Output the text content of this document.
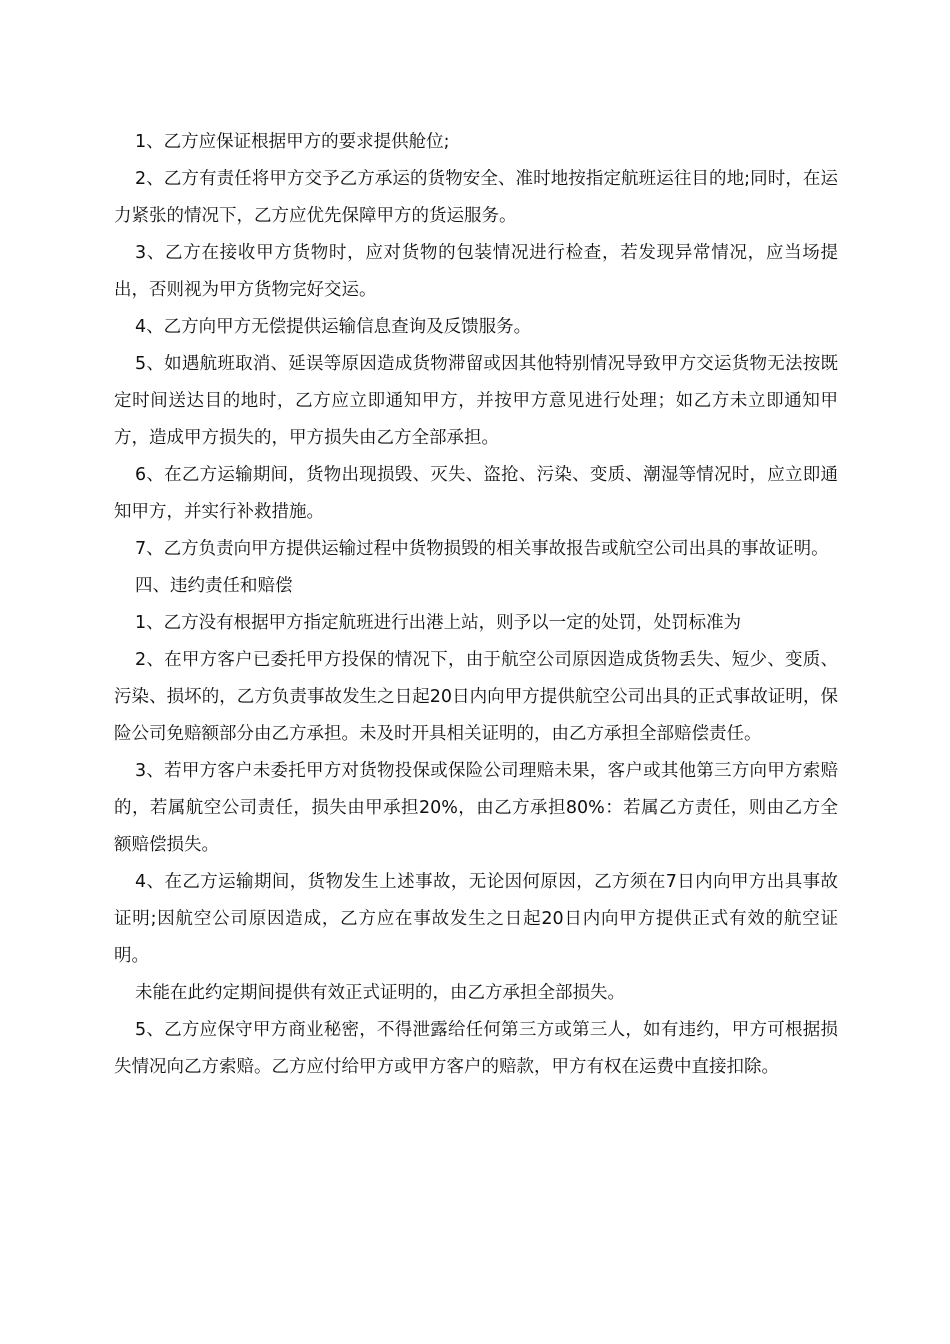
1、乙方应保证根据甲方的要求提供舱位;

2、乙方有责任将甲方交予乙方承运的货物安全、准时地按指定航班运往目的地;同时，在运力紧张的情况下，乙方应优先保障甲方的货运服务。

3、乙方在接收甲方货物时，应对货物的包装情况进行检查，若发现异常情况，应当场提出，否则视为甲方货物完好交运。

4、乙方向甲方无偿提供运输信息查询及反馈服务。

5、如遇航班取消、延误等原因造成货物滞留或因其他特别情况导致甲方交运货物无法按既定时间送达目的地时，乙方应立即通知甲方，并按甲方意见进行处理；如乙方未立即通知甲方，造成甲方损失的，甲方损失由乙方全部承担。

6、在乙方运输期间，货物出现损毁、灭失、盗抢、污染、变质、潮湿等情况时，应立即通知甲方，并实行补救措施。

7、乙方负责向甲方提供运输过程中货物损毁的相关事故报告或航空公司出具的事故证明。

四、违约责任和赔偿

1、乙方没有根据甲方指定航班进行出港上站，则予以一定的处罚，处罚标准为

2、在甲方客户已委托甲方投保的情况下，由于航空公司原因造成货物丢失、短少、变质、污染、损坏的，乙方负责事故发生之日起20日内向甲方提供航空公司出具的正式事故证明，保险公司免赔额部分由乙方承担。未及时开具相关证明的，由乙方承担全部赔偿责任。

3、若甲方客户未委托甲方对货物投保或保险公司理赔未果，客户或其他第三方向甲方索赔的，若属航空公司责任，损失由甲承担20%，由乙方承担80%：若属乙方责任，则由乙方全额赔偿损失。

4、在乙方运输期间，货物发生上述事故，无论因何原因，乙方须在7日内向甲方出具事故证明;因航空公司原因造成，乙方应在事故发生之日起20日内向甲方提供正式有效的航空证明。

未能在此约定期间提供有效正式证明的，由乙方承担全部损失。

5、乙方应保守甲方商业秘密，不得泄露给任何第三方或第三人，如有违约，甲方可根据损失情况向乙方索赔。乙方应付给甲方或甲方客户的赔款，甲方有权在运费中直接扣除。
